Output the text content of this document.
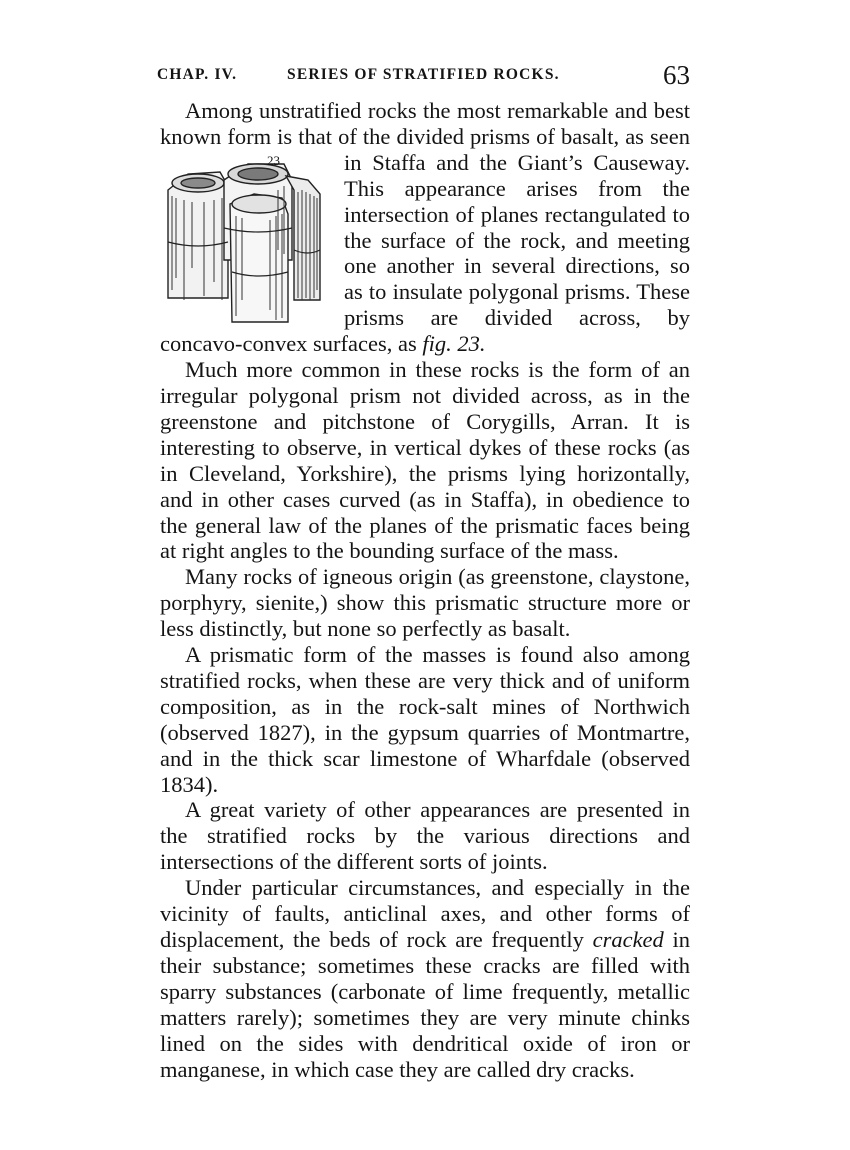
CHAP. IV.	SERIES OF STRATIFIED ROCKS.	63

Among unstratified rocks the most remarkable and best known form is that of the divided prisms of
23
basalt, as seen in Staffa and the Giant’s Causeway. This appearance arises from the intersection of planes rectangulated to the surface of the rock, and meeting one another in several directions, so as to insulate polygonal prisms. These prisms are divided across, by concavo-convex surfaces, as fig. 23.

Much more common in these rocks is the form of an irregular polygonal prism not divided across, as in the greenstone and pitchstone of Corygills, Arran. It is interesting to observe, in vertical dykes of these rocks (as in Cleveland, Yorkshire), the prisms lying horizontally, and in other cases curved (as in Staffa), in obedience to the general law of the planes of the prismatic faces being at right angles to the bounding surface of the mass.

Many rocks of igneous origin (as greenstone, claystone, porphyry, sienite,) show this prismatic structure more or less distinctly, but none so perfectly as basalt.

A prismatic form of the masses is found also among stratified rocks, when these are very thick and of uniform composition, as in the rock-salt mines of Northwich (observed 1827), in the gypsum quarries of Montmartre, and in the thick scar limestone of Wharfdale (observed 1834).

A great variety of other appearances are presented in the stratified rocks by the various directions and intersections of the different sorts of joints.

Under particular circumstances, and especially in the vicinity of faults, anticlinal axes, and other forms of displacement, the beds of rock are frequently cracked in their substance; sometimes these cracks are filled with sparry substances (carbonate of lime frequently, metallic matters rarely); sometimes they are very minute chinks lined on the sides with dendritical oxide of iron or manganese, in which case they are called dry cracks.
